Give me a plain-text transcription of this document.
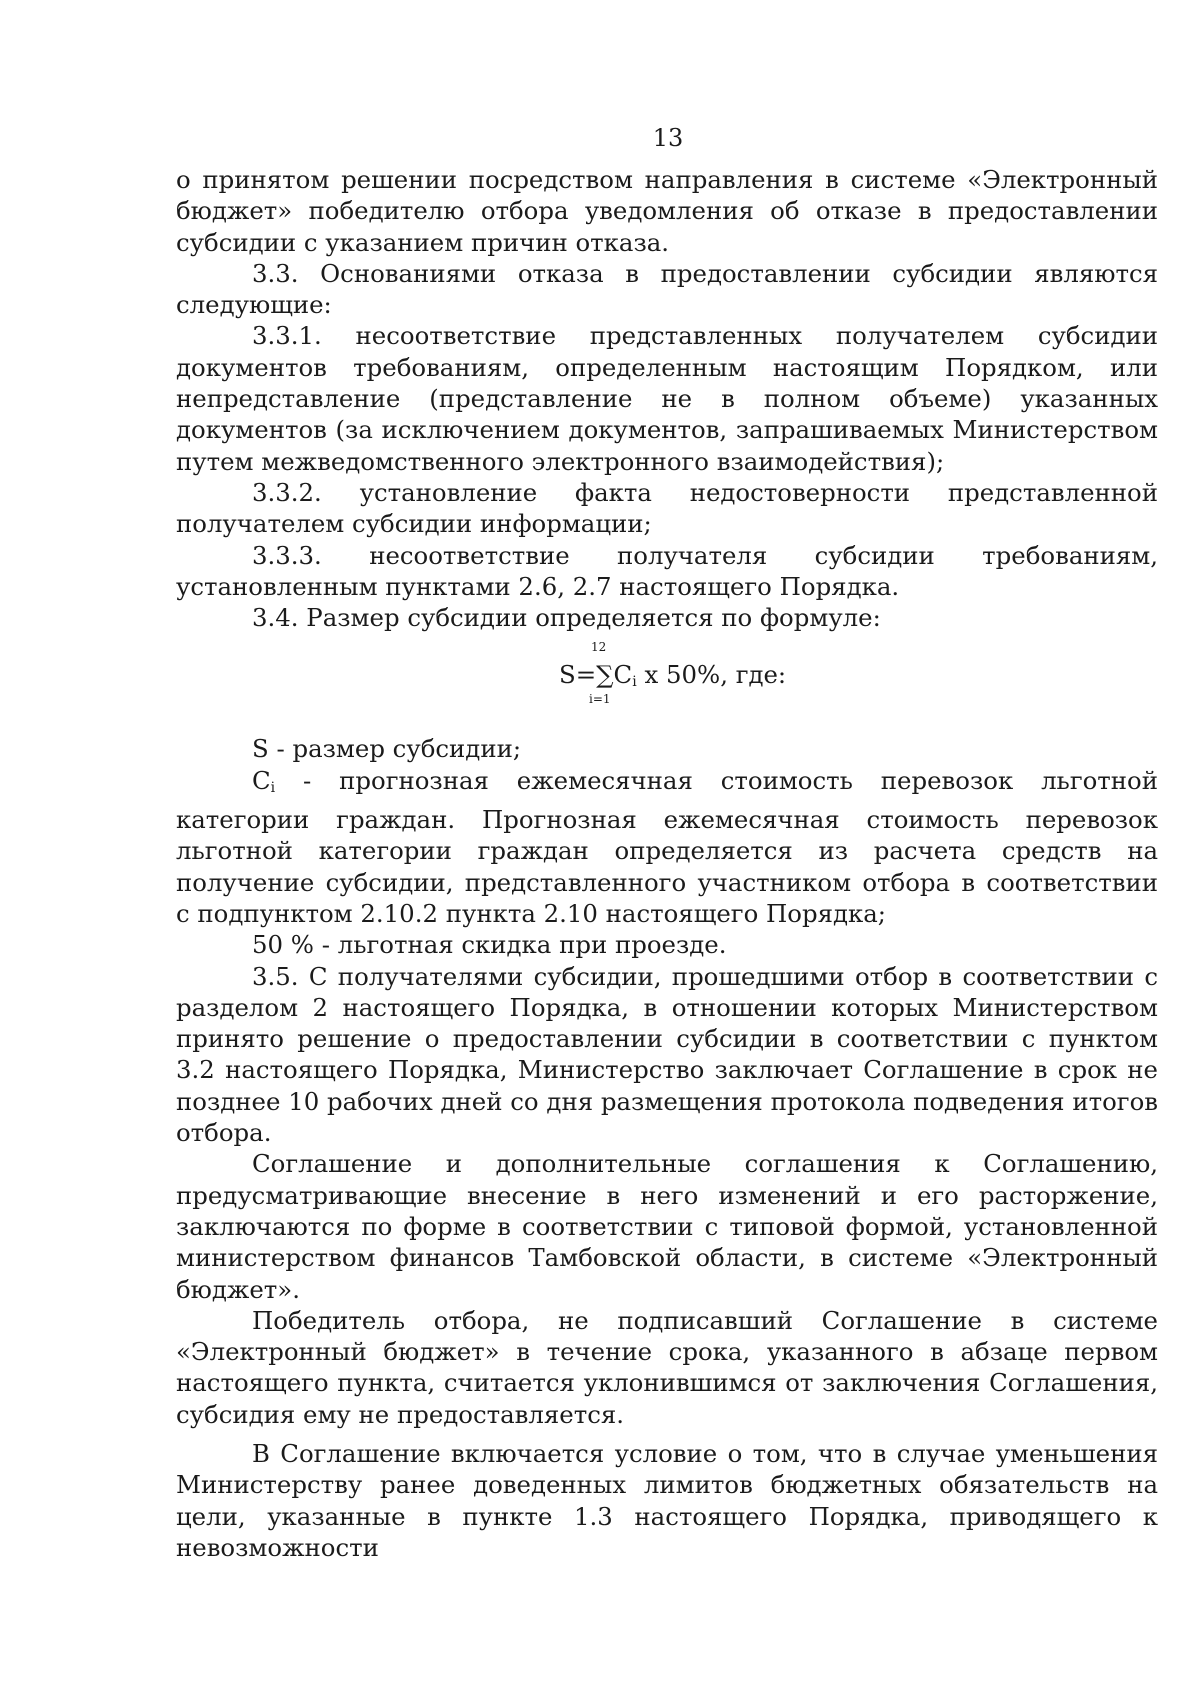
13

о принятом решении посредством направления в системе «Электронный бюджет» победителю отбора уведомления об отказе в предоставлении субсидии с указанием причин отказа.

3.3. Основаниями отказа в предоставлении субсидии являются следующие:

3.3.1. несоответствие представленных получателем субсидии документов требованиям, определенным настоящим Порядком, или непредставление (представление не в полном объеме) указанных документов (за исключением документов, запрашиваемых Министерством путем межведомственного электронного взаимодействия);

3.3.2. установление факта недостоверности представленной получателем субсидии информации;

3.3.3. несоответствие получателя субсидии требованиям, установленным пунктами 2.6, 2.7 настоящего Порядка.

3.4. Размер субсидии определяется по формуле:

12
$S=\sum C_i$ x 50%, где:
i=1

S - размер субсидии;

$C_i$ - прогнозная ежемесячная стоимость перевозок льготной категории граждан. Прогнозная ежемесячная стоимость перевозок льготной категории граждан определяется из расчета средств на получение субсидии, представленного участником отбора в соответствии с подпунктом 2.10.2 пункта 2.10 настоящего Порядка;

50 % - льготная скидка при проезде.

3.5. С получателями субсидии, прошедшими отбор в соответствии с разделом 2 настоящего Порядка, в отношении которых Министерством принято решение о предоставлении субсидии в соответствии с пунктом 3.2 настоящего Порядка, Министерство заключает Соглашение в срок не позднее 10 рабочих дней со дня размещения протокола подведения итогов отбора.

Соглашение и дополнительные соглашения к Соглашению, предусматривающие внесение в него изменений и его расторжение, заключаются по форме в соответствии с типовой формой, установленной министерством финансов Тамбовской области, в системе «Электронный бюджет».

Победитель отбора, не подписавший Соглашение в системе «Электронный бюджет» в течение срока, указанного в абзаце первом настоящего пункта, считается уклонившимся от заключения Соглашения, субсидия ему не предоставляется.

В Соглашение включается условие о том, что в случае уменьшения Министерству ранее доведенных лимитов бюджетных обязательств на цели, указанные в пункте 1.3 настоящего Порядка, приводящего к невозможности
